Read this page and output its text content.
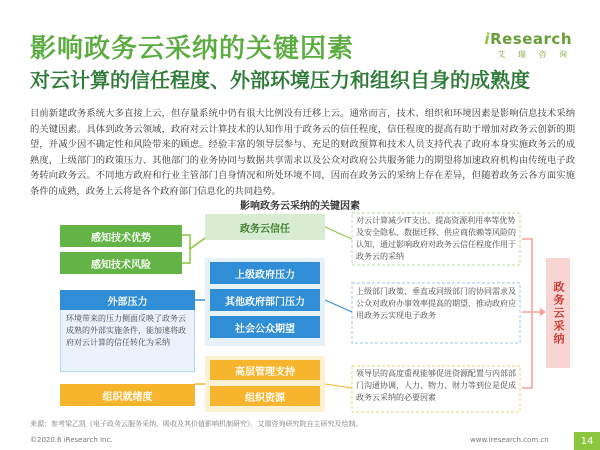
影响政务云采纳的关键因素	iResearch
艾 瑞 咨 询
对云计算的信任程度、外部环境压力和组织自身的成熟度
目前新建政务系统大多直接上云，但存量系统中仍有很大比例没有迁移上云。通常而言，技术、组织和环境因素是影响信息技术采纳的关键因素。具体到政务云领域，政府对云计算技术的认知作用于政务云的信任程度，信任程度的提高有助于增加对政务云创新的期望，并减少因不确定性和风险带来的顾虑。经验丰富的领导层参与、充足的财政预算和技术人员支持代表了政府本身实施政务云的成熟度，上级部门的政策压力、其他部门的业务协同与数据共享需求以及公众对政府公共服务能力的期望将加速政府机构由传统电子政务转向政务云。不同地方政府和行业主管部门自身情况和所处环境不同，因而在政务云的采纳上存在差异，但随着政务云各方面实施条件的成熟，政务上云将是各个政府部门信息化的共同趋势。
影响政务云采纳的关键因素
感知技术优势
感知技术风险
政务云信任
对云计算减少IT支出、提高资源利用率等优势及安全隐私、数据迁移、供应商依赖等风险的认知，通过影响政府对政务云信任程度作用于政务云的采纳
外部压力
环境带来的压力侧面反映了政务云成熟的外部实施条件，能加速将政府对云计算的信任转化为采纳
上级政府压力
其他政府部门压力
社会公众期望
上级部门政策、垂直或同级部门的协同需求及公众对政府办事效率提高的期望，推动政府应用政务云实现电子政务
组织就绪度
高层管理支持
组织资源
领导层的高度重视能够促进资源配置与内部部门沟通协调，人力、物力、财力等到位是促成政务云采纳的必要因素
政务云采纳
来源：参考梁乙凯《电子政务云服务采纳、吸收及其价值影响机制研究》，艾瑞咨询研究院自主研究及绘制。
©2020.6 iResearch Inc.	www.iresearch.com.cn	14
